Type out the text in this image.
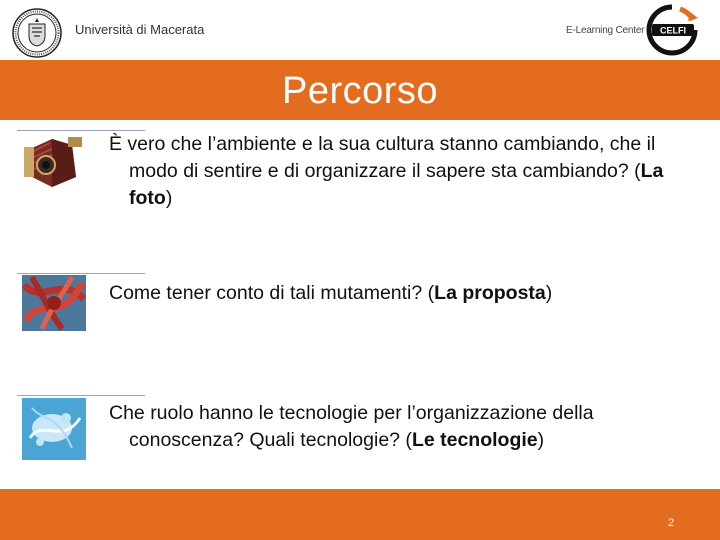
Università di Macerata	E-Learning Center CELFI
Percorso
È vero che l’ambiente e la sua cultura stanno cambiando, che il modo di sentire e di organizzare il sapere sta cambiando? (La foto)
Come tener conto di tali mutamenti? (La proposta)
Che ruolo hanno le tecnologie per l’organizzazione della conoscenza? Quali tecnologie? (Le tecnologie)
2
